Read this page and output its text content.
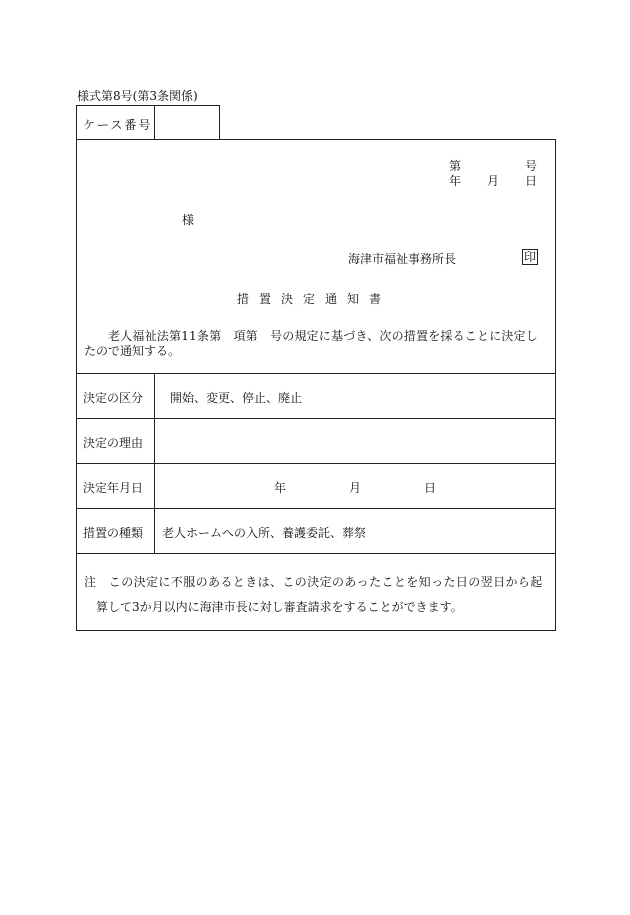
様式第8号(第3条関係)
ケース番号
第	号
年 月 日
様
海津市福祉事務所長	印
措置決定通知書
老人福祉法第11条第　項第　号の規定に基づき、次の措置を採ることに決定し
たので通知する。
決定の区分 開始、変更、停止、廃止
決定の理由
決定年月日	年	月	日
措置の種類 老人ホームへの入所、養護委託、葬祭
注　この決定に不服のあるときは、この決定のあったことを知った日の翌日から起
算して3か月以内に海津市長に対し審査請求をすることができます。
